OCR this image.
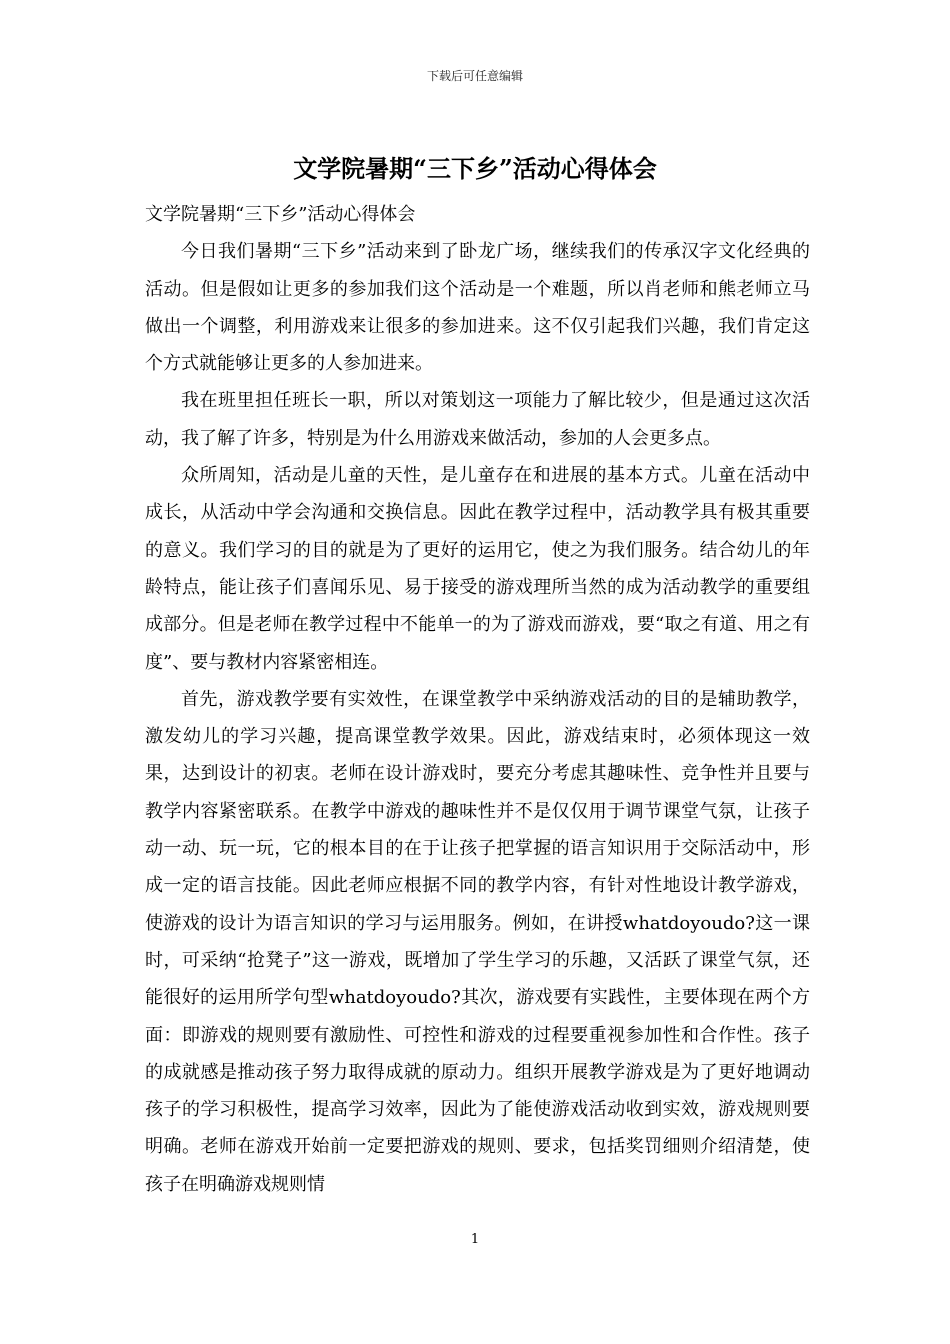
下载后可任意编辑
文学院暑期“三下乡”活动心得体会

文学院暑期“三下乡”活动心得体会

今日我们暑期“三下乡”活动来到了卧龙广场，继续我们的传承汉字文化经典的活动。但是假如让更多的参加我们这个活动是一个难题，所以肖老师和熊老师立马做出一个调整，利用游戏来让很多的参加进来。这不仅引起我们兴趣，我们肯定这个方式就能够让更多的人参加进来。

我在班里担任班长一职，所以对策划这一项能力了解比较少，但是通过这次活动，我了解了许多，特别是为什么用游戏来做活动，参加的人会更多点。

众所周知，活动是儿童的天性，是儿童存在和进展的基本方式。儿童在活动中成长，从活动中学会沟通和交换信息。因此在教学过程中，活动教学具有极其重要的意义。我们学习的目的就是为了更好的运用它，使之为我们服务。结合幼儿的年龄特点，能让孩子们喜闻乐见、易于接受的游戏理所当然的成为活动教学的重要组成部分。但是老师在教学过程中不能单一的为了游戏而游戏，要“取之有道、用之有度”、要与教材内容紧密相连。

首先，游戏教学要有实效性，在课堂教学中采纳游戏活动的目的是辅助教学，激发幼儿的学习兴趣，提高课堂教学效果。因此，游戏结束时，必须体现这一效果，达到设计的初衷。老师在设计游戏时，要充分考虑其趣味性、竞争性并且要与教学内容紧密联系。在教学中游戏的趣味性并不是仅仅用于调节课堂气氛，让孩子动一动、玩一玩，它的根本目的在于让孩子把掌握的语言知识用于交际活动中，形成一定的语言技能。因此老师应根据不同的教学内容，有针对性地设计教学游戏，使游戏的设计为语言知识的学习与运用服务。例如，在讲授whatdoyoudo?这一课时，可采纳“抢凳子”这一游戏，既增加了学生学习的乐趣，又活跃了课堂气氛，还能很好的运用所学句型whatdoyoudo?其次，游戏要有实践性，主要体现在两个方面：即游戏的规则要有激励性、可控性和游戏的过程要重视参加性和合作性。孩子的成就感是推动孩子努力取得成就的原动力。组织开展教学游戏是为了更好地调动孩子的学习积极性，提高学习效率，因此为了能使游戏活动收到实效，游戏规则要明确。老师在游戏开始前一定要把游戏的规则、要求，包括奖罚细则介绍清楚，使孩子在明确游戏规则情

1
